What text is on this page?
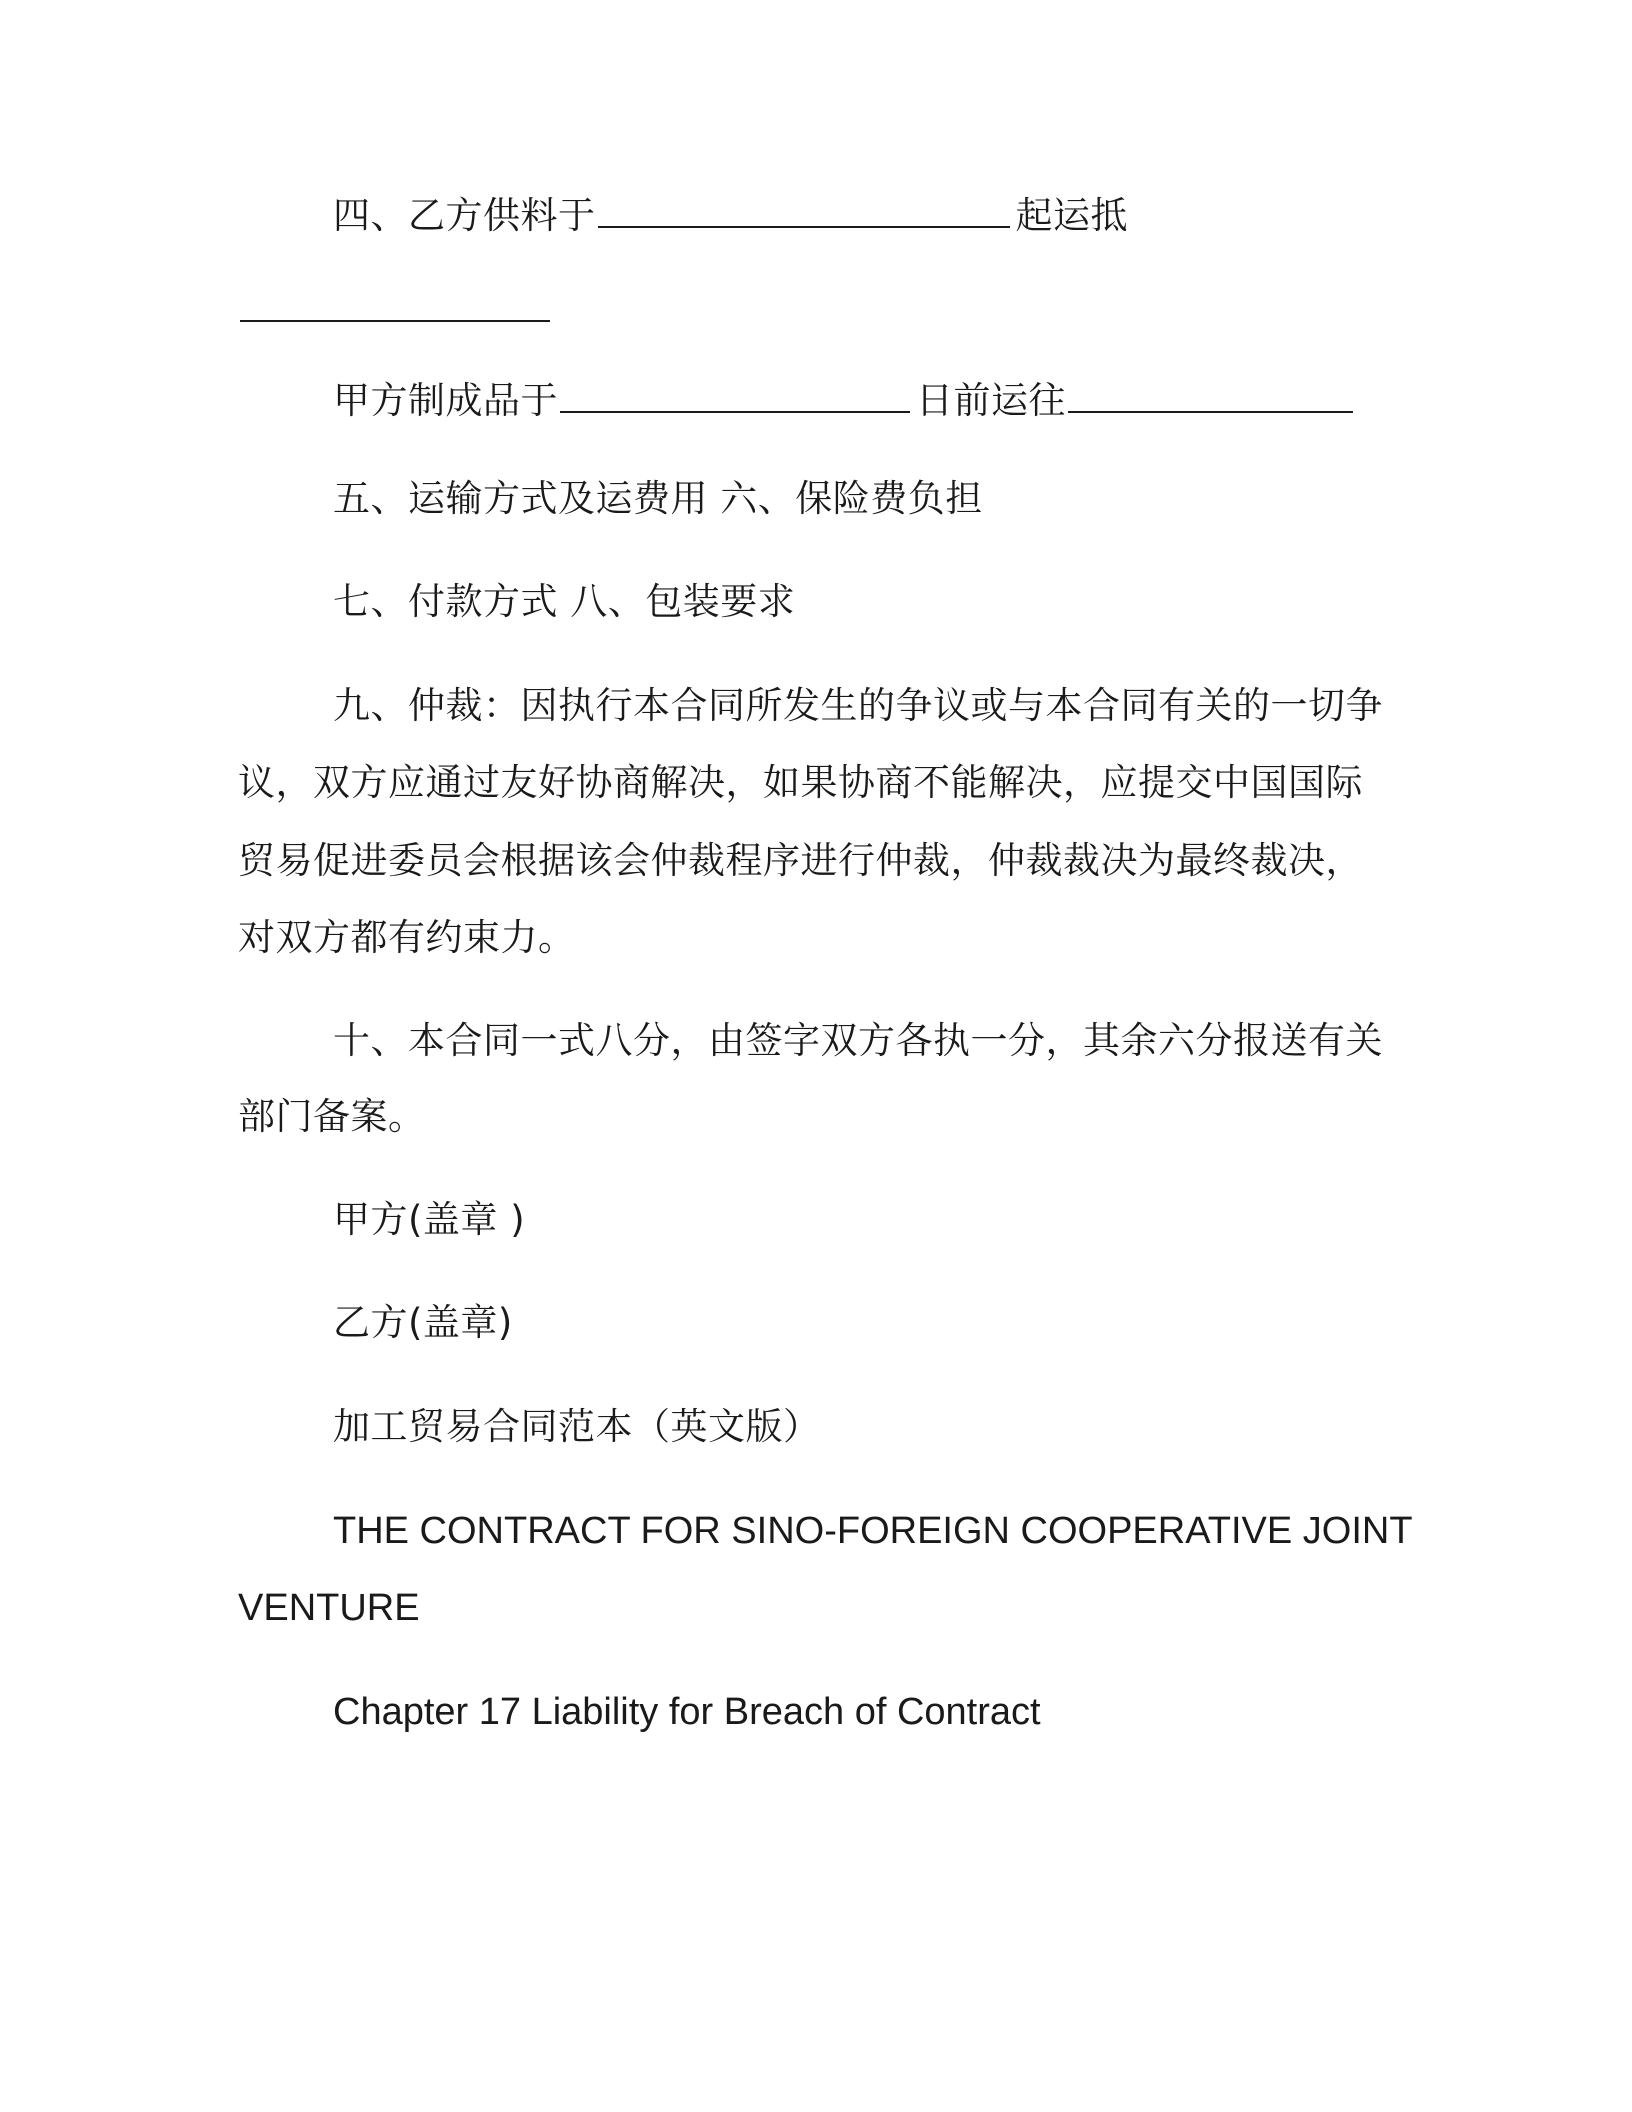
四、乙方供料于	起运抵
甲方制成品于	日前运往
五、运输方式及运费用 六、保险费负担
七、付款方式 八、包装要求
九、仲裁：因执行本合同所发生的争议或与本合同有关的一切争
议，双方应通过友好协商解决，如果协商不能解决，应提交中国国际
贸易促进委员会根据该会仲裁程序进行仲裁，仲裁裁决为最终裁决，
对双方都有约束力。
十、本合同一式八分，由签字双方各执一分，其余六分报送有关
部门备案。
甲方(盖章 )
乙方(盖章)
加工贸易合同范本（英文版）
THE CONTRACT FOR SINO-FOREIGN COOPERATIVE JOINT
VENTURE
Chapter 17 Liability for Breach of Contract
